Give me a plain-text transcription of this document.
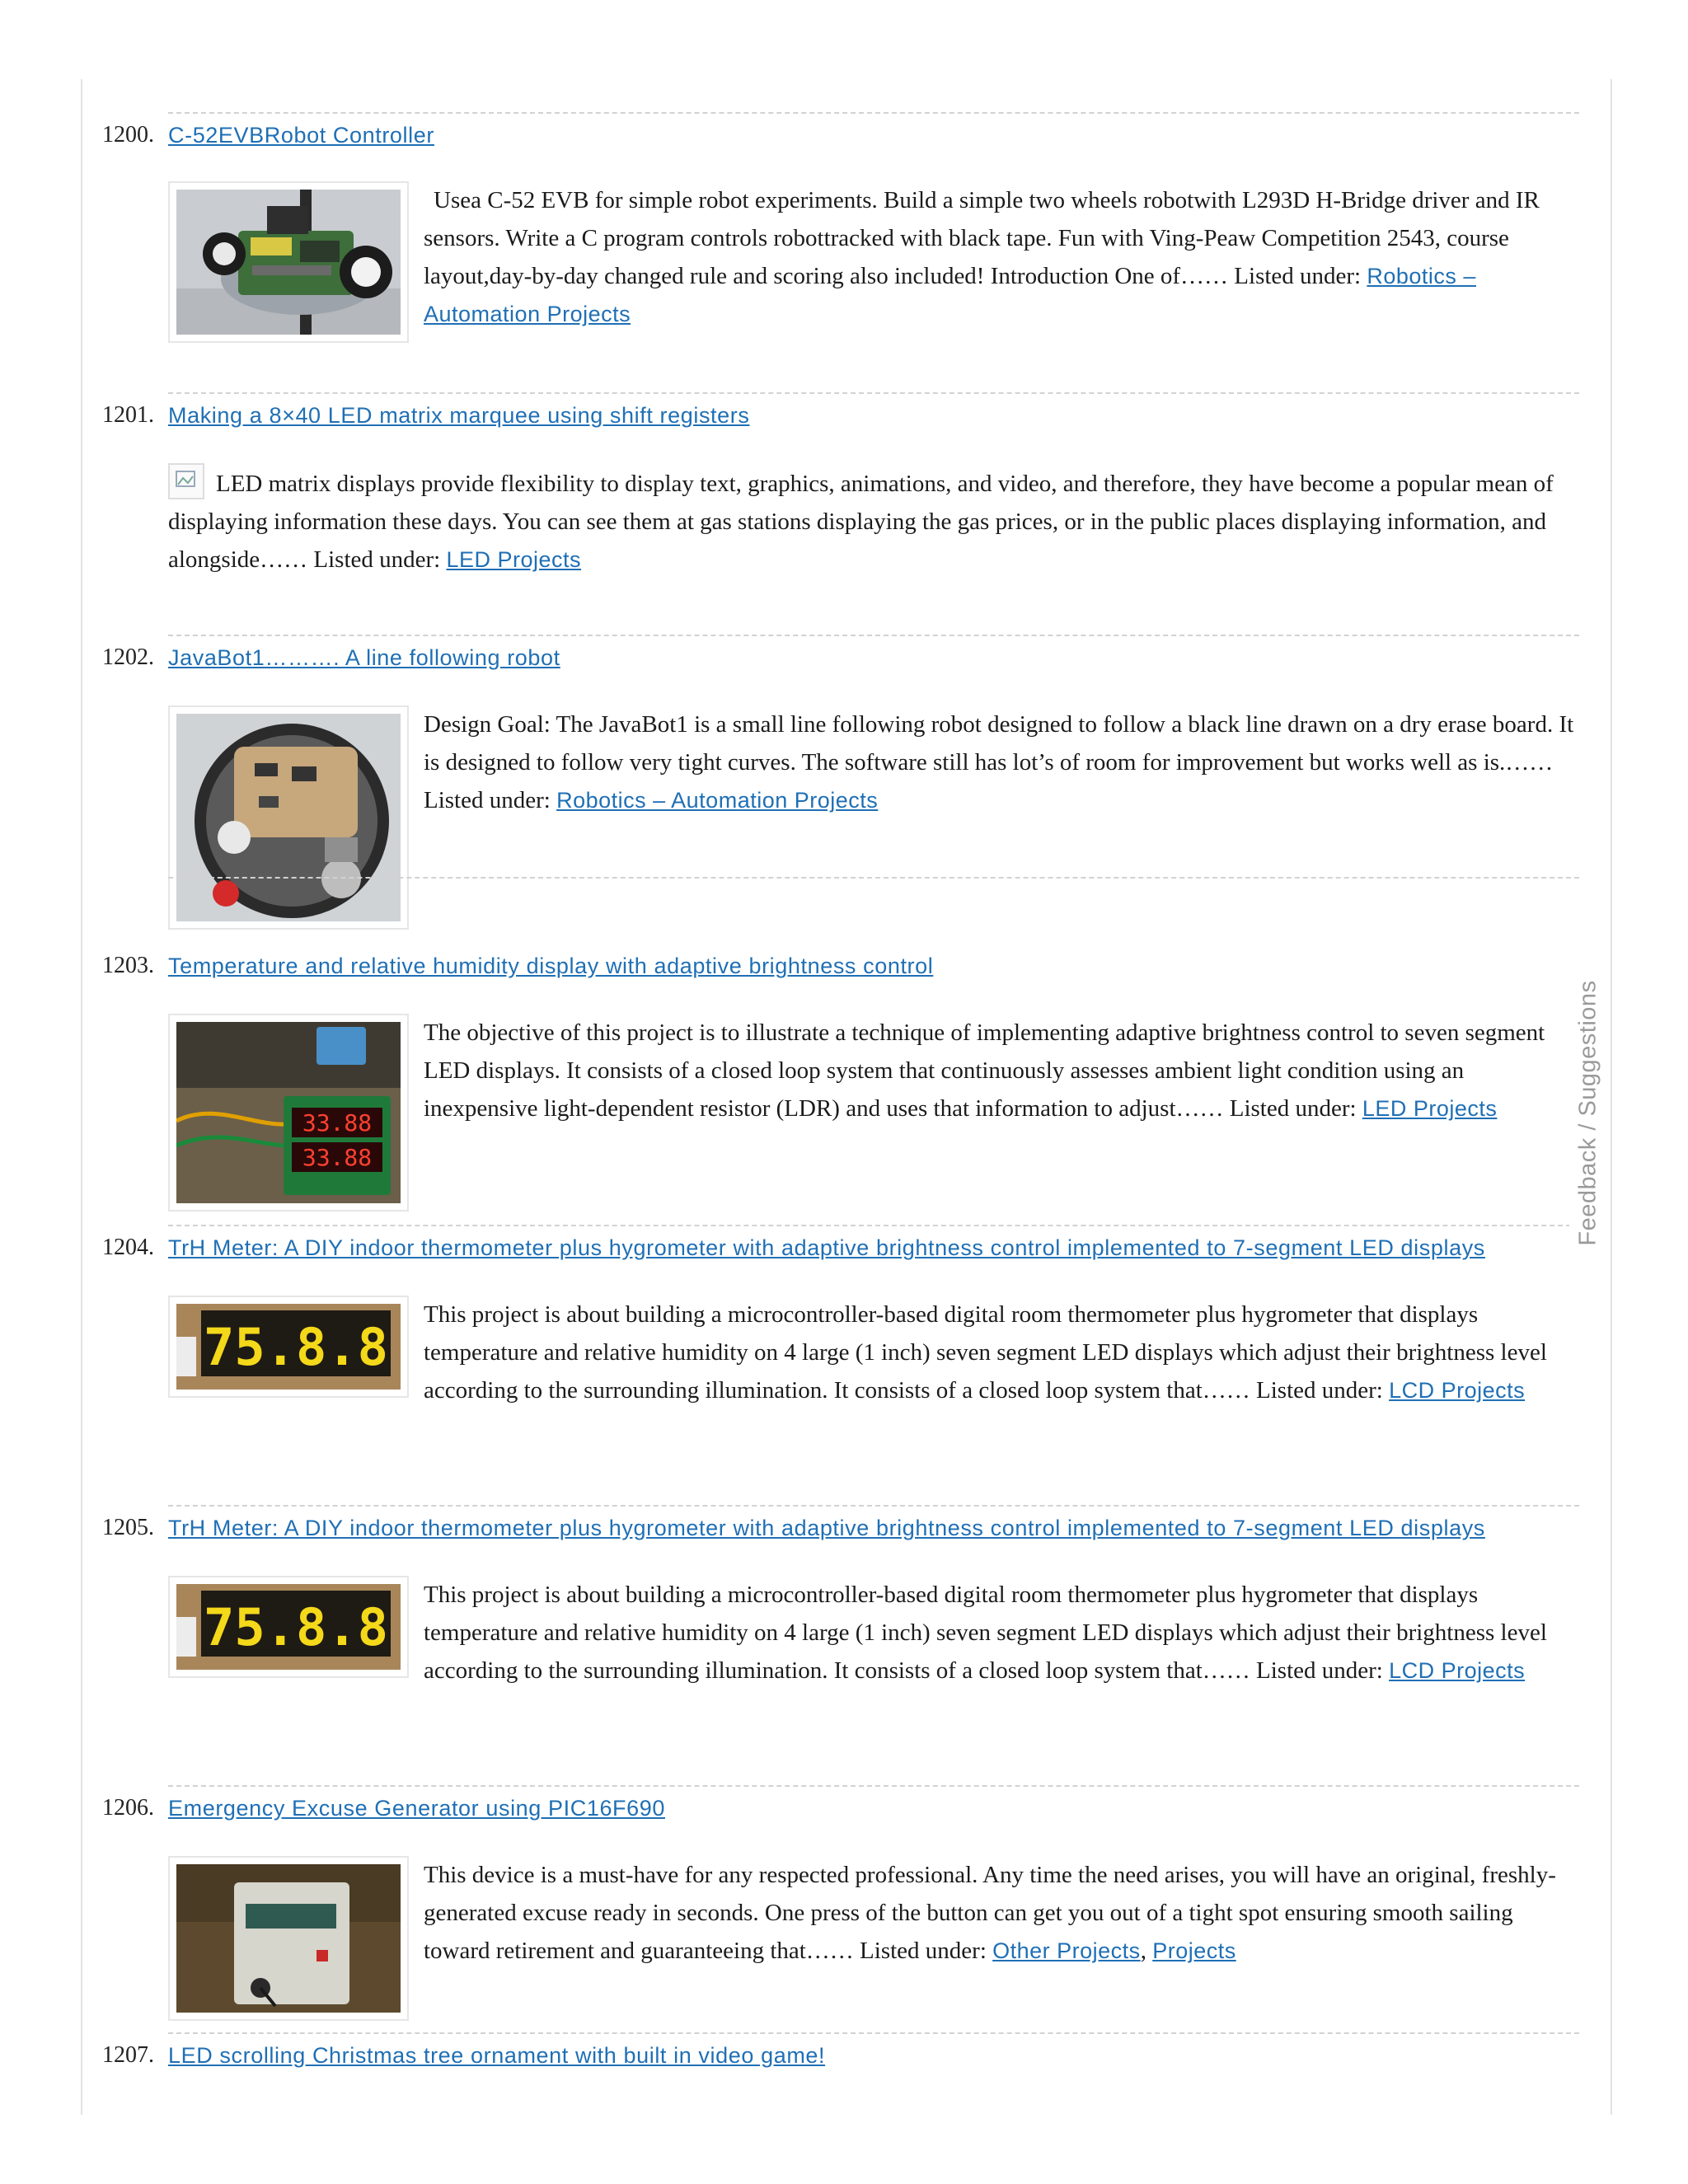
1200. C-52EVBRobot Controller
Usea C-52 EVB for simple robot experiments. Build a simple two wheels robotwith L293D H-Bridge driver and IR sensors. Write a C program controls robottracked with black tape. Fun with Ving-Peaw Competition 2543, course layout,day-by-day changed rule and scoring also included! Introduction One of…… Listed under: Robotics – Automation Projects
1201. Making a 8×40 LED matrix marquee using shift registers
LED matrix displays provide flexibility to display text, graphics, animations, and video, and therefore, they have become a popular mean of displaying information these days. You can see them at gas stations displaying the gas prices, or in the public places displaying information, and alongside…… Listed under: LED Projects
1202. JavaBot1………. A line following robot
Design Goal: The JavaBot1 is a small line following robot designed to follow a black line drawn on a dry erase board. It is designed to follow very tight curves. The software still has lot’s of room for improvement but works well as is.…… Listed under: Robotics – Automation Projects
1203. Temperature and relative humidity display with adaptive brightness control
33.88
33.88
The objective of this project is to illustrate a technique of implementing adaptive brightness control to seven segment LED displays. It consists of a closed loop system that continuously assesses ambient light condition using an inexpensive light-dependent resistor (LDR) and uses that information to adjust…… Listed under: LED Projects
1204. TrH Meter: A DIY indoor thermometer plus hygrometer with adaptive brightness control implemented to 7-segment LED displays
75.8.8
This project is about building a microcontroller-based digital room thermometer plus hygrometer that displays temperature and relative humidity on 4 large (1 inch) seven segment LED displays which adjust their brightness level according to the surrounding illumination. It consists of a closed loop system that…… Listed under: LCD Projects
1205. TrH Meter: A DIY indoor thermometer plus hygrometer with adaptive brightness control implemented to 7-segment LED displays
75.8.8
This project is about building a microcontroller-based digital room thermometer plus hygrometer that displays temperature and relative humidity on 4 large (1 inch) seven segment LED displays which adjust their brightness level according to the surrounding illumination. It consists of a closed loop system that…… Listed under: LCD Projects
1206. Emergency Excuse Generator using PIC16F690
This device is a must-have for any respected professional. Any time the need arises, you will have an original, freshly-generated excuse ready in seconds. One press of the button can get you out of a tight spot ensuring smooth sailing toward retirement and guaranteeing that…… Listed under: Other Projects, Projects
1207. LED scrolling Christmas tree ornament with built in video game!
Feedback / Suggestions
